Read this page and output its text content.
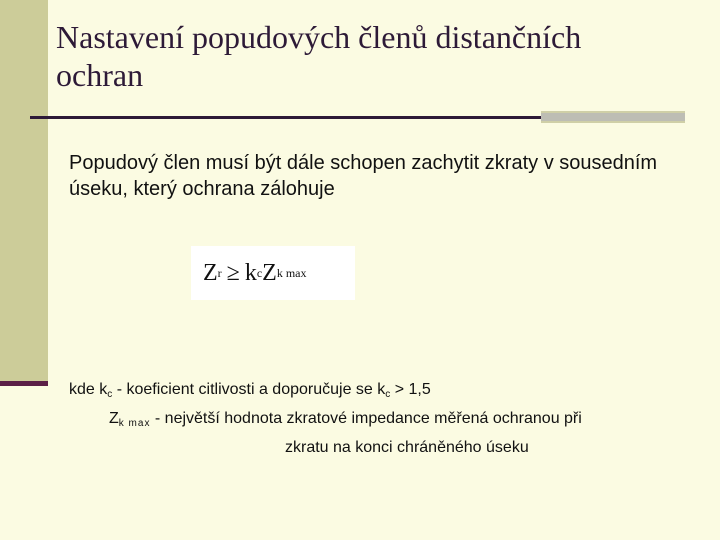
Nastavení popudových členů distančních ochran
Popudový člen musí být dále schopen zachytit zkraty v sousedním úseku, který ochrana zálohuje
Z r ≥ k c Z k max
kde $k_c$ - koeficient citlivosti a doporučuje se $k_c > 1,5$
$Z_{k max}$ - největší hodnota zkratové impedance měřená ochranou při
zkratu na konci chráněného úseku
